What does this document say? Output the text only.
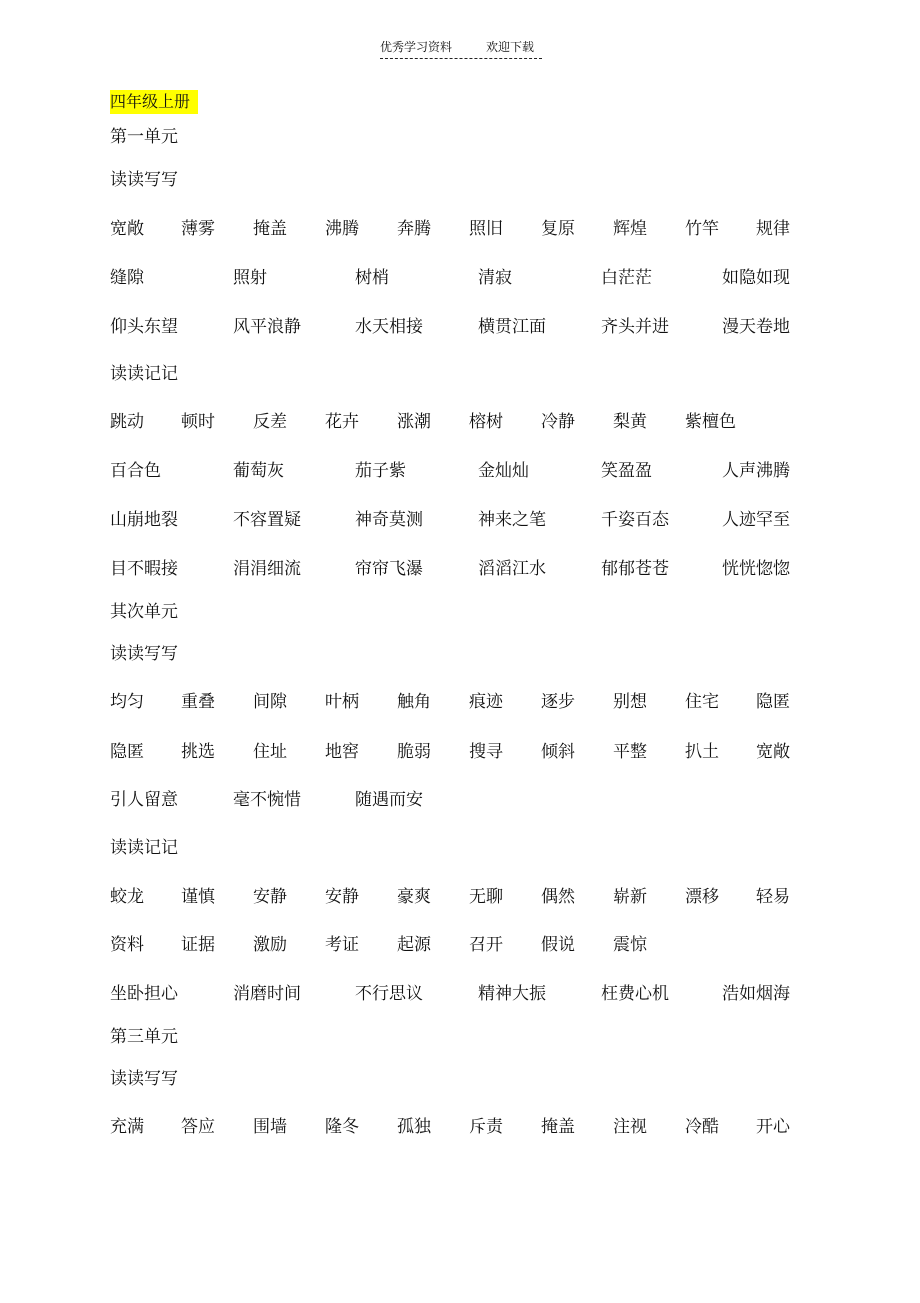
优秀学习资料	欢迎下载
四年级上册
第一单元
读读写写
读读记记
其次单元
读读写写
读读记记
第三单元
读读写写
宽敞 薄雾 掩盖 沸腾 奔腾 照旧 复原 辉煌 竹竿 规律
缝隙	照射	树梢	清寂	白茫茫	如隐如现
仰头东望	风平浪静	水天相接	横贯江面	齐头并进	漫天卷地
跳动 顿时 反差 花卉 涨潮 榕树 冷静 梨黄 紫檀色
百合色	葡萄灰	茄子紫	金灿灿	笑盈盈	人声沸腾
山崩地裂	不容置疑	神奇莫测	神来之笔	千姿百态	人迹罕至
目不暇接	涓涓细流	帘帘飞瀑	滔滔江水	郁郁苍苍	恍恍惚惚
均匀 重叠 间隙 叶柄 触角 痕迹 逐步 别想 住宅 隐匿
隐匿 挑选 住址 地窖 脆弱 搜寻 倾斜 平整 扒土 宽敞
引人留意	毫不惋惜	随遇而安
蛟龙 谨慎 安静 安静 豪爽 无聊 偶然 崭新 漂移 轻易
资料 证据 激励 考证 起源 召开 假说 震惊
坐卧担心	消磨时间	不行思议	精神大振	枉费心机	浩如烟海
充满 答应 围墙 隆冬 孤独 斥责 掩盖 注视 冷酷 开心
